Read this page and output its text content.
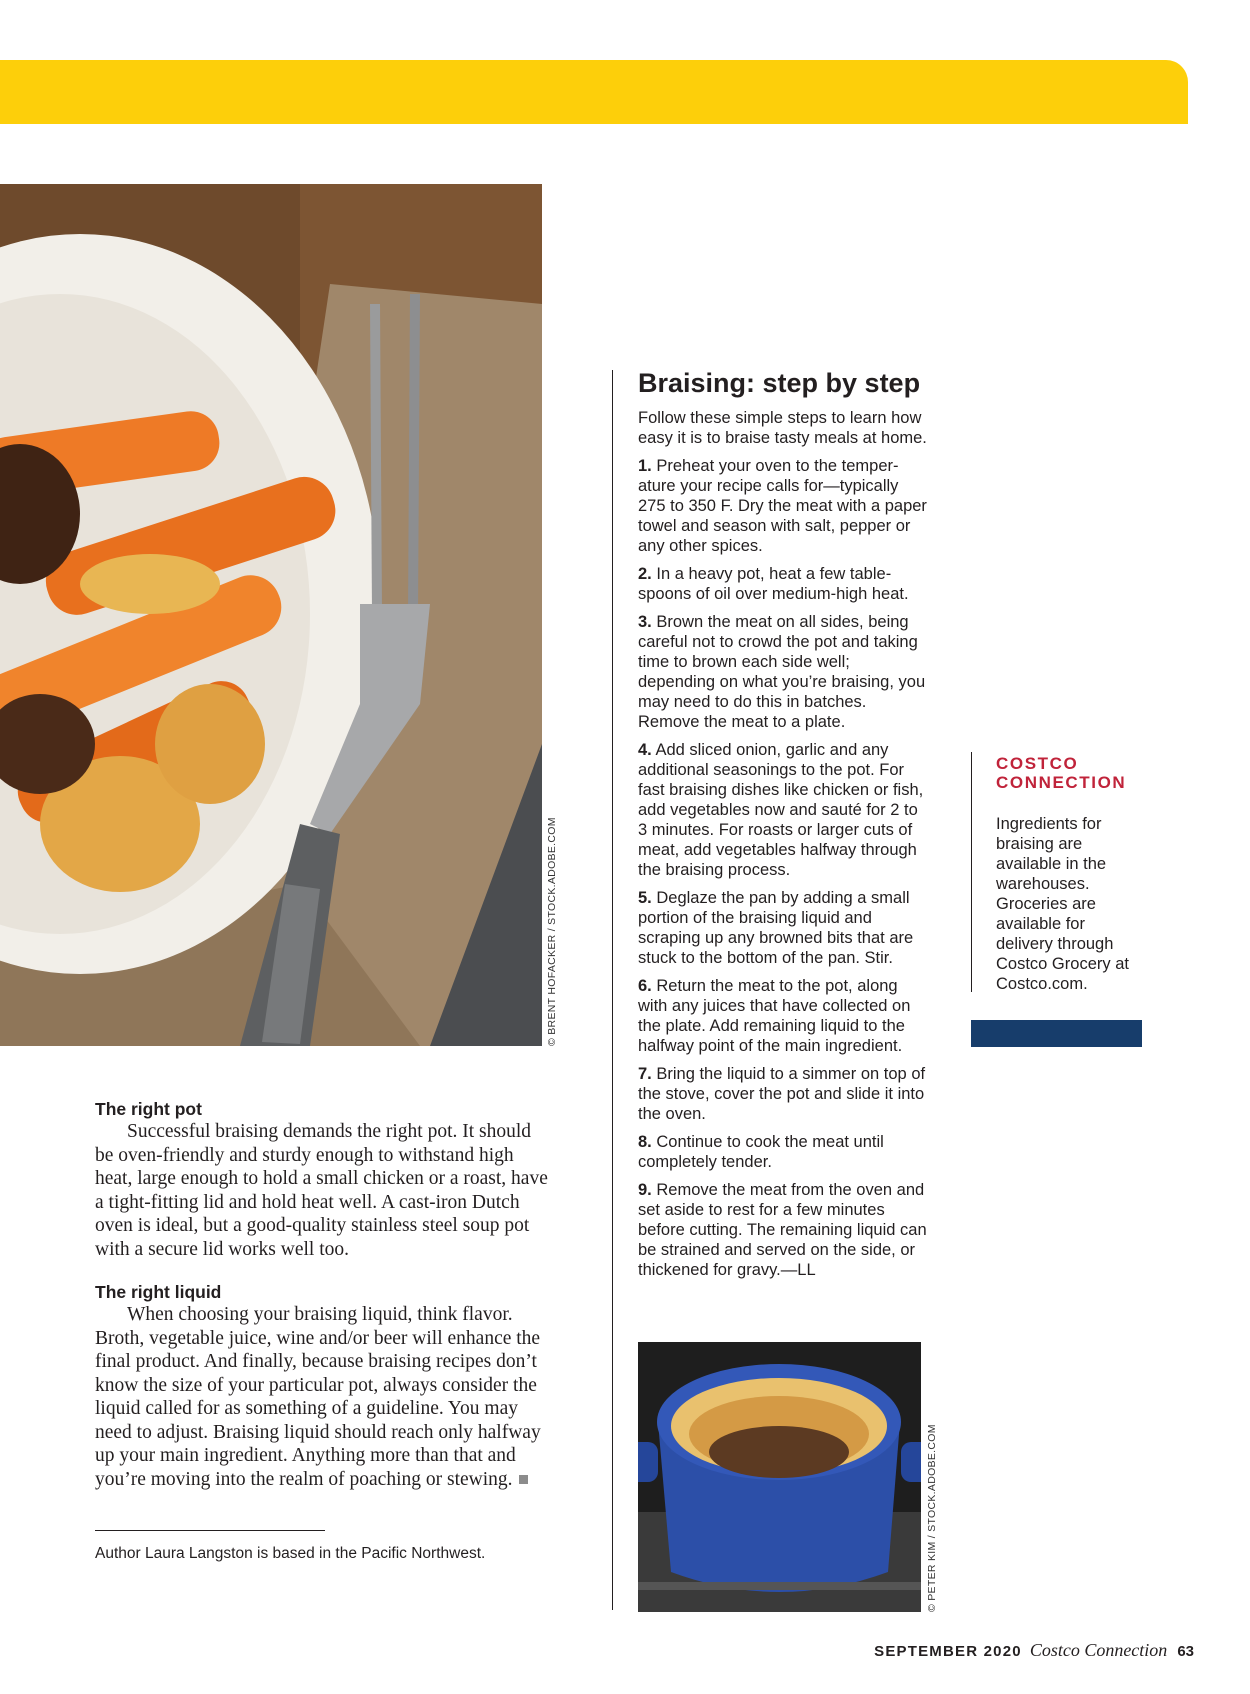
© BRENT HOFACKER / STOCK.ADOBE.COM

The right pot

Successful braising demands the right pot. It should be oven-friendly and sturdy enough to withstand high heat, large enough to hold a small chicken or a roast, have a tight-fitting lid and hold heat well. A cast-iron Dutch oven is ideal, but a good-quality stainless steel soup pot with a secure lid works well too.

The right liquid

When choosing your braising liquid, think flavor. Broth, vegetable juice, wine and/or beer will enhance the final product. And finally, because braising recipes don’t know the size of your particular pot, always consider the liquid called for as something of a guideline. You may need to adjust. Braising liquid should reach only halfway up your main ingredient. Anything more than that and you’re moving into the realm of poaching or stewing.

Author Laura Langston is based in the Pacific Northwest.

Braising: step by step

Follow these simple steps to learn how easy it is to braise tasty meals at home.

1. Preheat your oven to the temperature your recipe calls for—typically 275 to 350 F. Dry the meat with a paper towel and season with salt, pepper or any other spices.

2. In a heavy pot, heat a few tablespoons of oil over medium-high heat.

3. Brown the meat on all sides, being careful not to crowd the pot and taking time to brown each side well; depending on what you’re braising, you may need to do this in batches. Remove the meat to a plate.

4. Add sliced onion, garlic and any additional seasonings to the pot. For fast braising dishes like chicken or fish, add vegetables now and sauté for 2 to 3 minutes. For roasts or larger cuts of meat, add vegetables halfway through the braising process.

5. Deglaze the pan by adding a small portion of the braising liquid and scraping up any browned bits that are stuck to the bottom of the pan. Stir.

6. Return the meat to the pot, along with any juices that have collected on the plate. Add remaining liquid to the halfway point of the main ingredient.

7. Bring the liquid to a simmer on top of the stove, cover the pot and slide it into the oven.

8. Continue to cook the meat until completely tender.

9. Remove the meat from the oven and set aside to rest for a few minutes before cutting. The remaining liquid can be strained and served on the side, or thickened for gravy.—LL

© PETER KIM / STOCK.ADOBE.COM
COSTCO CONNECTION
Ingredients for braising are available in the warehouses. Groceries are available for delivery through Costco Grocery at Costco.com.
SEPTEMBER 2020 Costco Connection 63
